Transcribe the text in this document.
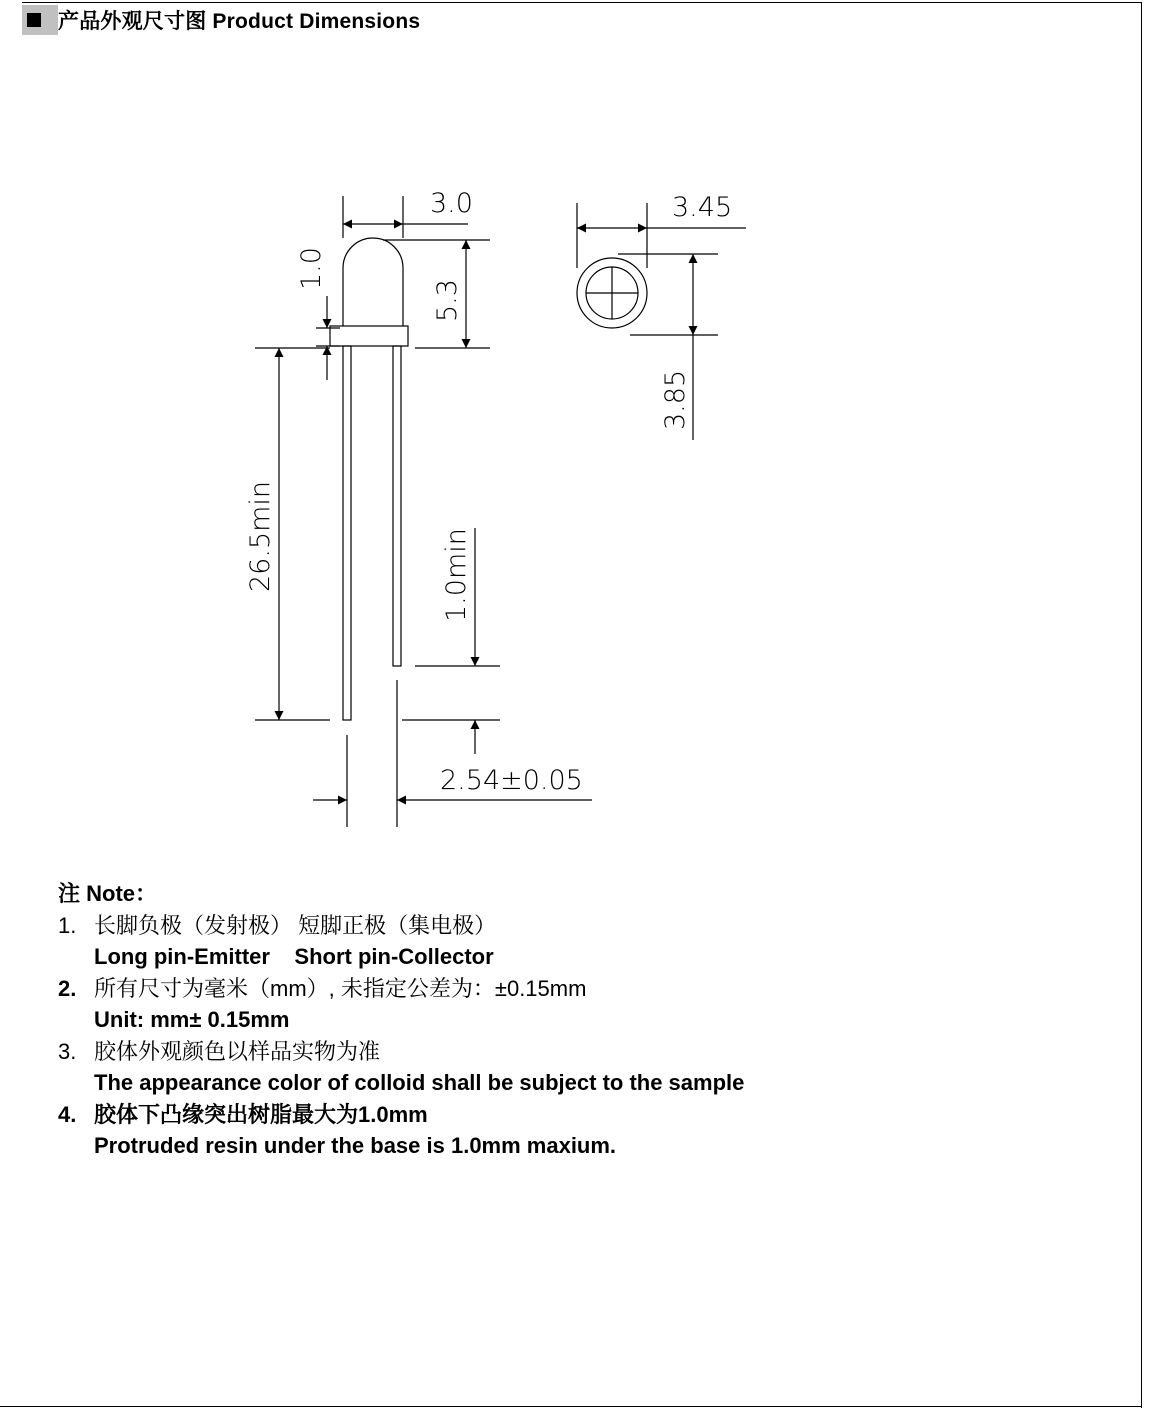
产品外观尺寸图 Product Dimensions
3.0
1.0
5.3
26.5min	1.0min
2.54±0.05
3.45
3.85
注 Note：
1. 长脚负极（发射极） 短脚正极（集电极）
Long pin-Emitter    Short pin-Collector
2. 所有尺寸为毫米（mm）, 未指定公差为：±0.15mm
Unit: mm± 0.15mm
3. 胶体外观颜色以样品实物为准
The appearance color of colloid shall be subject to the sample
4. 胶体下凸缘突出树脂最大为1.0mm
Protruded resin under the base is 1.0mm maxium.
